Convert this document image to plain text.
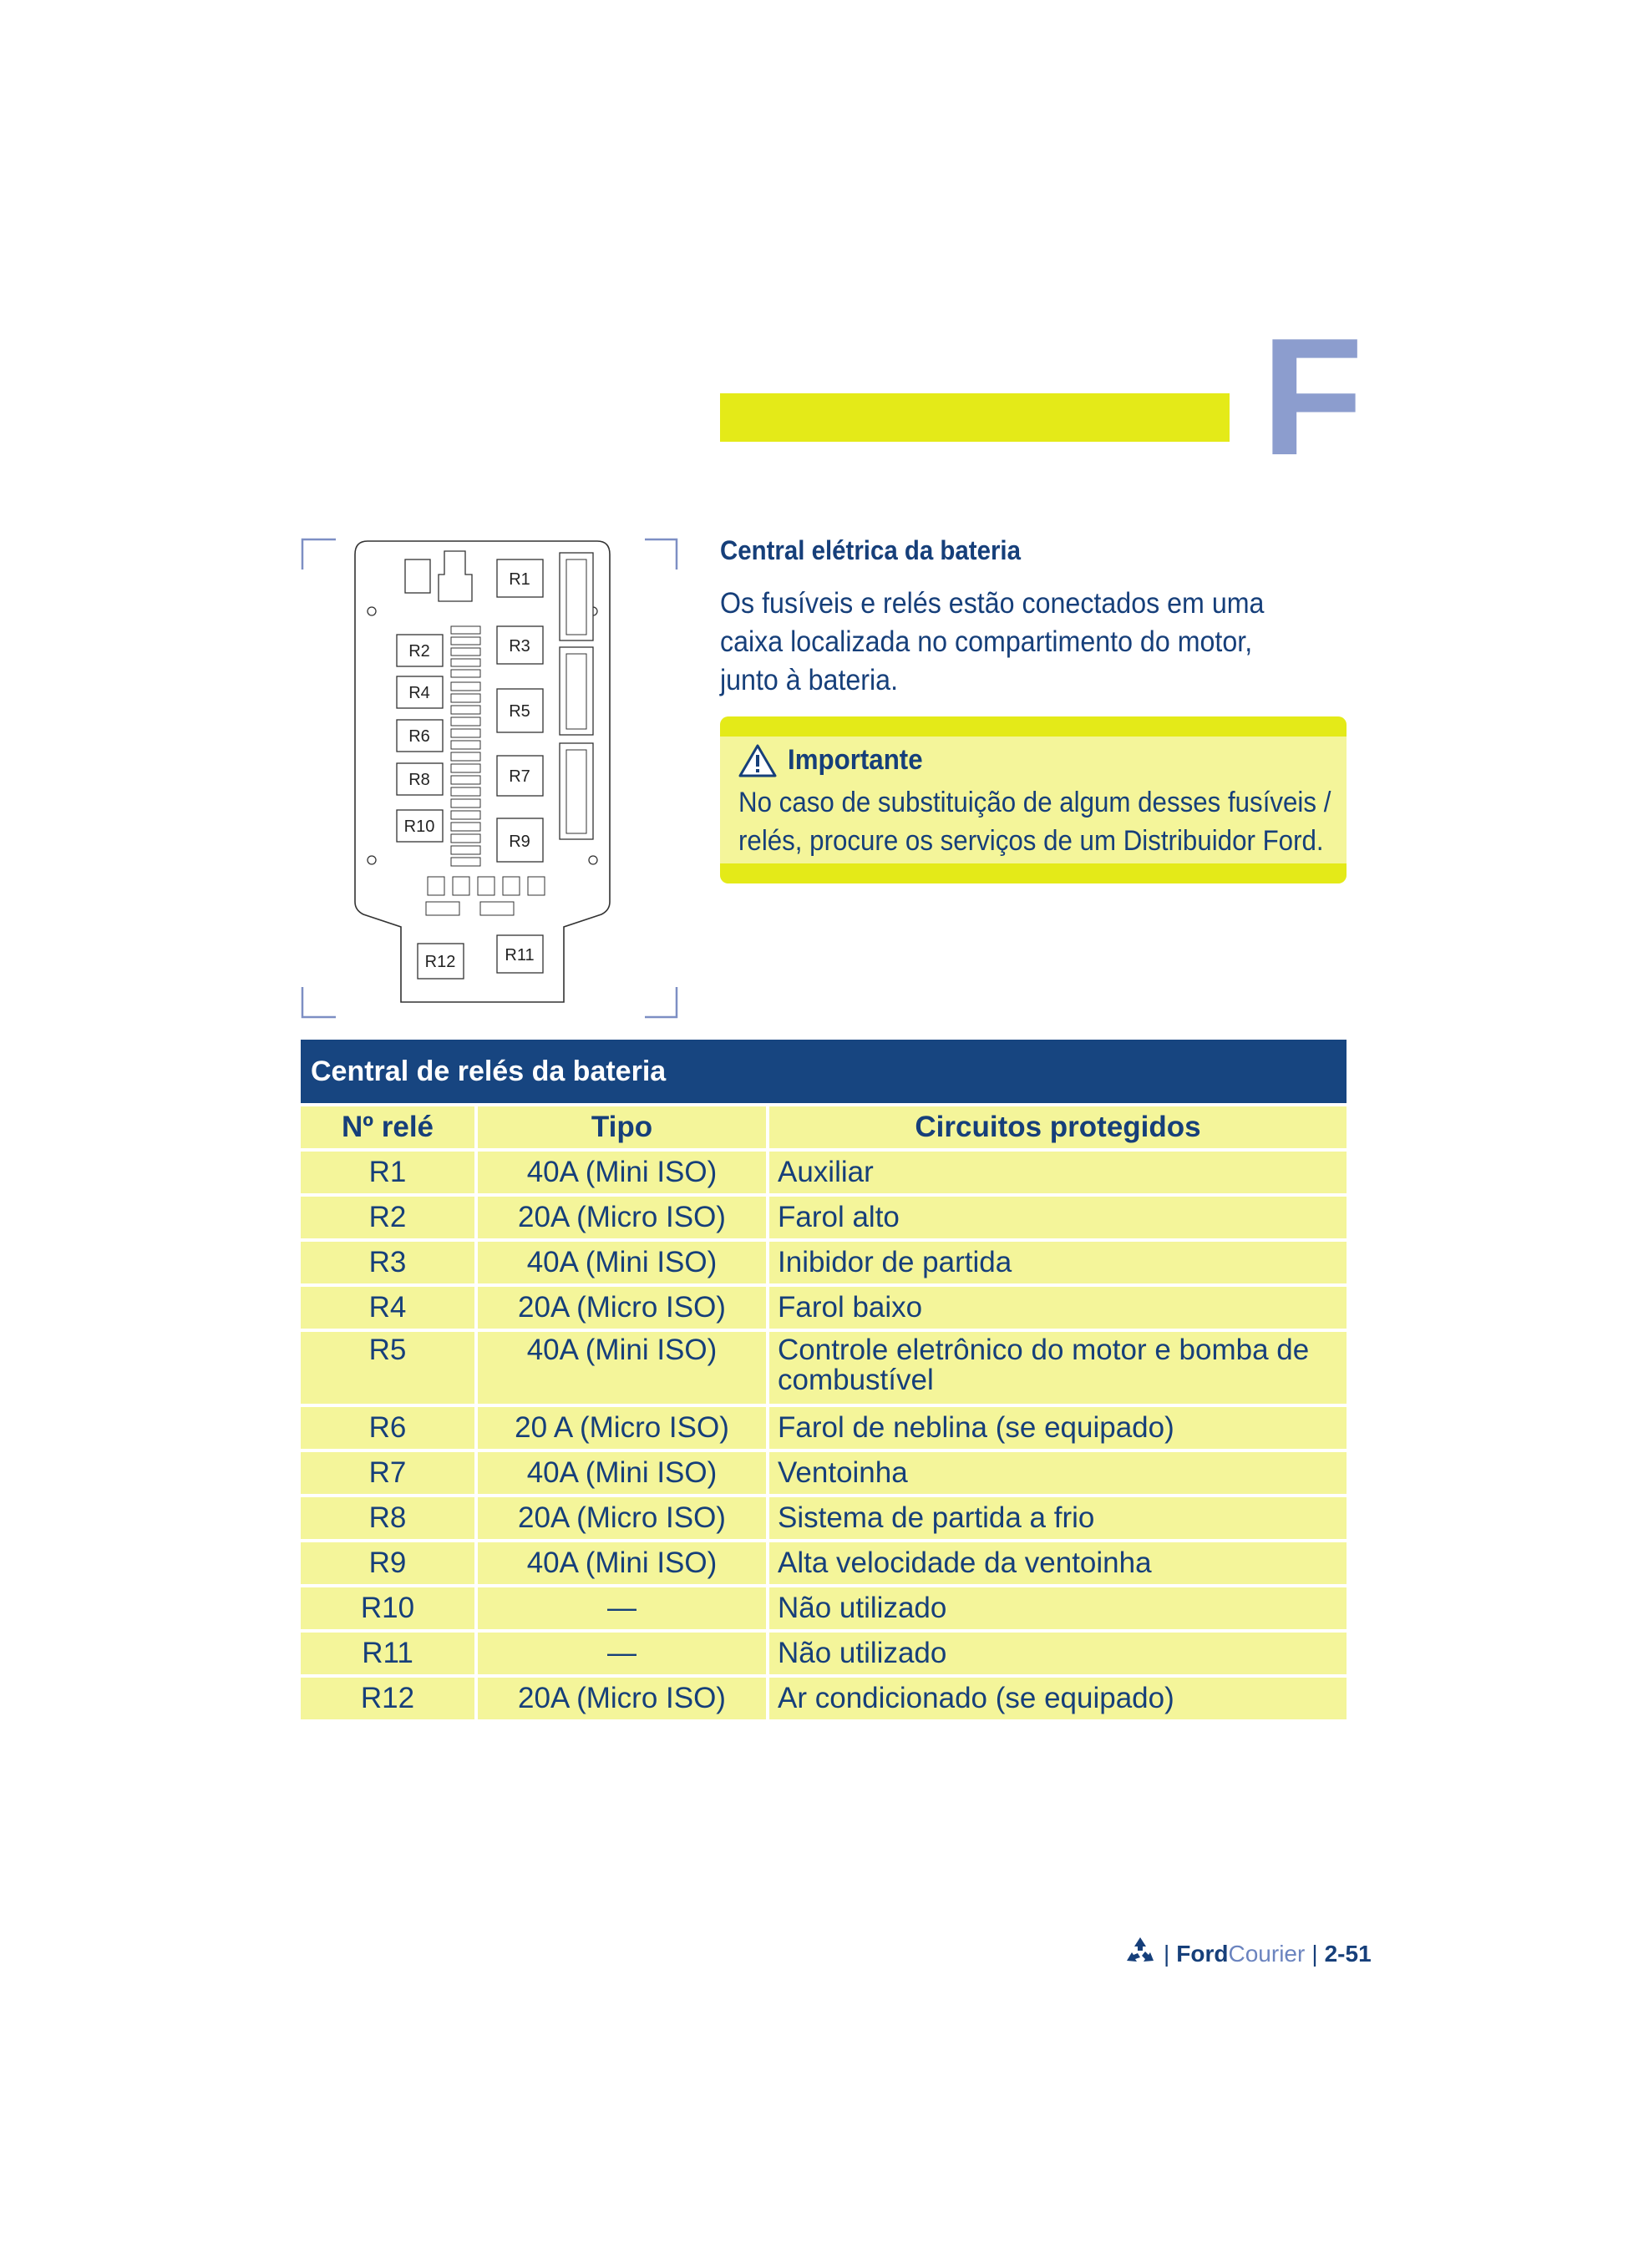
F
R2
R4
R6
R8
R10
R1
R3
R5
R7
R9
R11
R12
Central elétrica da bateria
Os fusíveis e relés estão conectados em uma caixa localizada no compartimento do motor, junto à bateria.
Importante
No caso de substituição de algum desses fusíveis /
relés, procure os serviços de um Distribuidor Ford.
Central de relés da bateria
Nº relé	Tipo	Circuitos protegidos
R1	40A (Mini ISO)	Auxiliar
R2	20A (Micro ISO)	Farol alto
R3	40A (Mini ISO)	Inibidor de partida
R4	20A (Micro ISO)	Farol baixo
R5	40A (Mini ISO)	Controle eletrônico do motor e bomba de combustível
R6	20 A (Micro ISO)	Farol de neblina (se equipado)
R7	40A (Mini ISO)	Ventoinha
R8	20A (Micro ISO)	Sistema de partida a frio
R9	40A (Mini ISO)	Alta velocidade da ventoinha
R10	—	Não utilizado
R11	—	Não utilizado
R12	20A (Micro ISO)	Ar condicionado (se equipado)
| Ford Courier | 2-51
